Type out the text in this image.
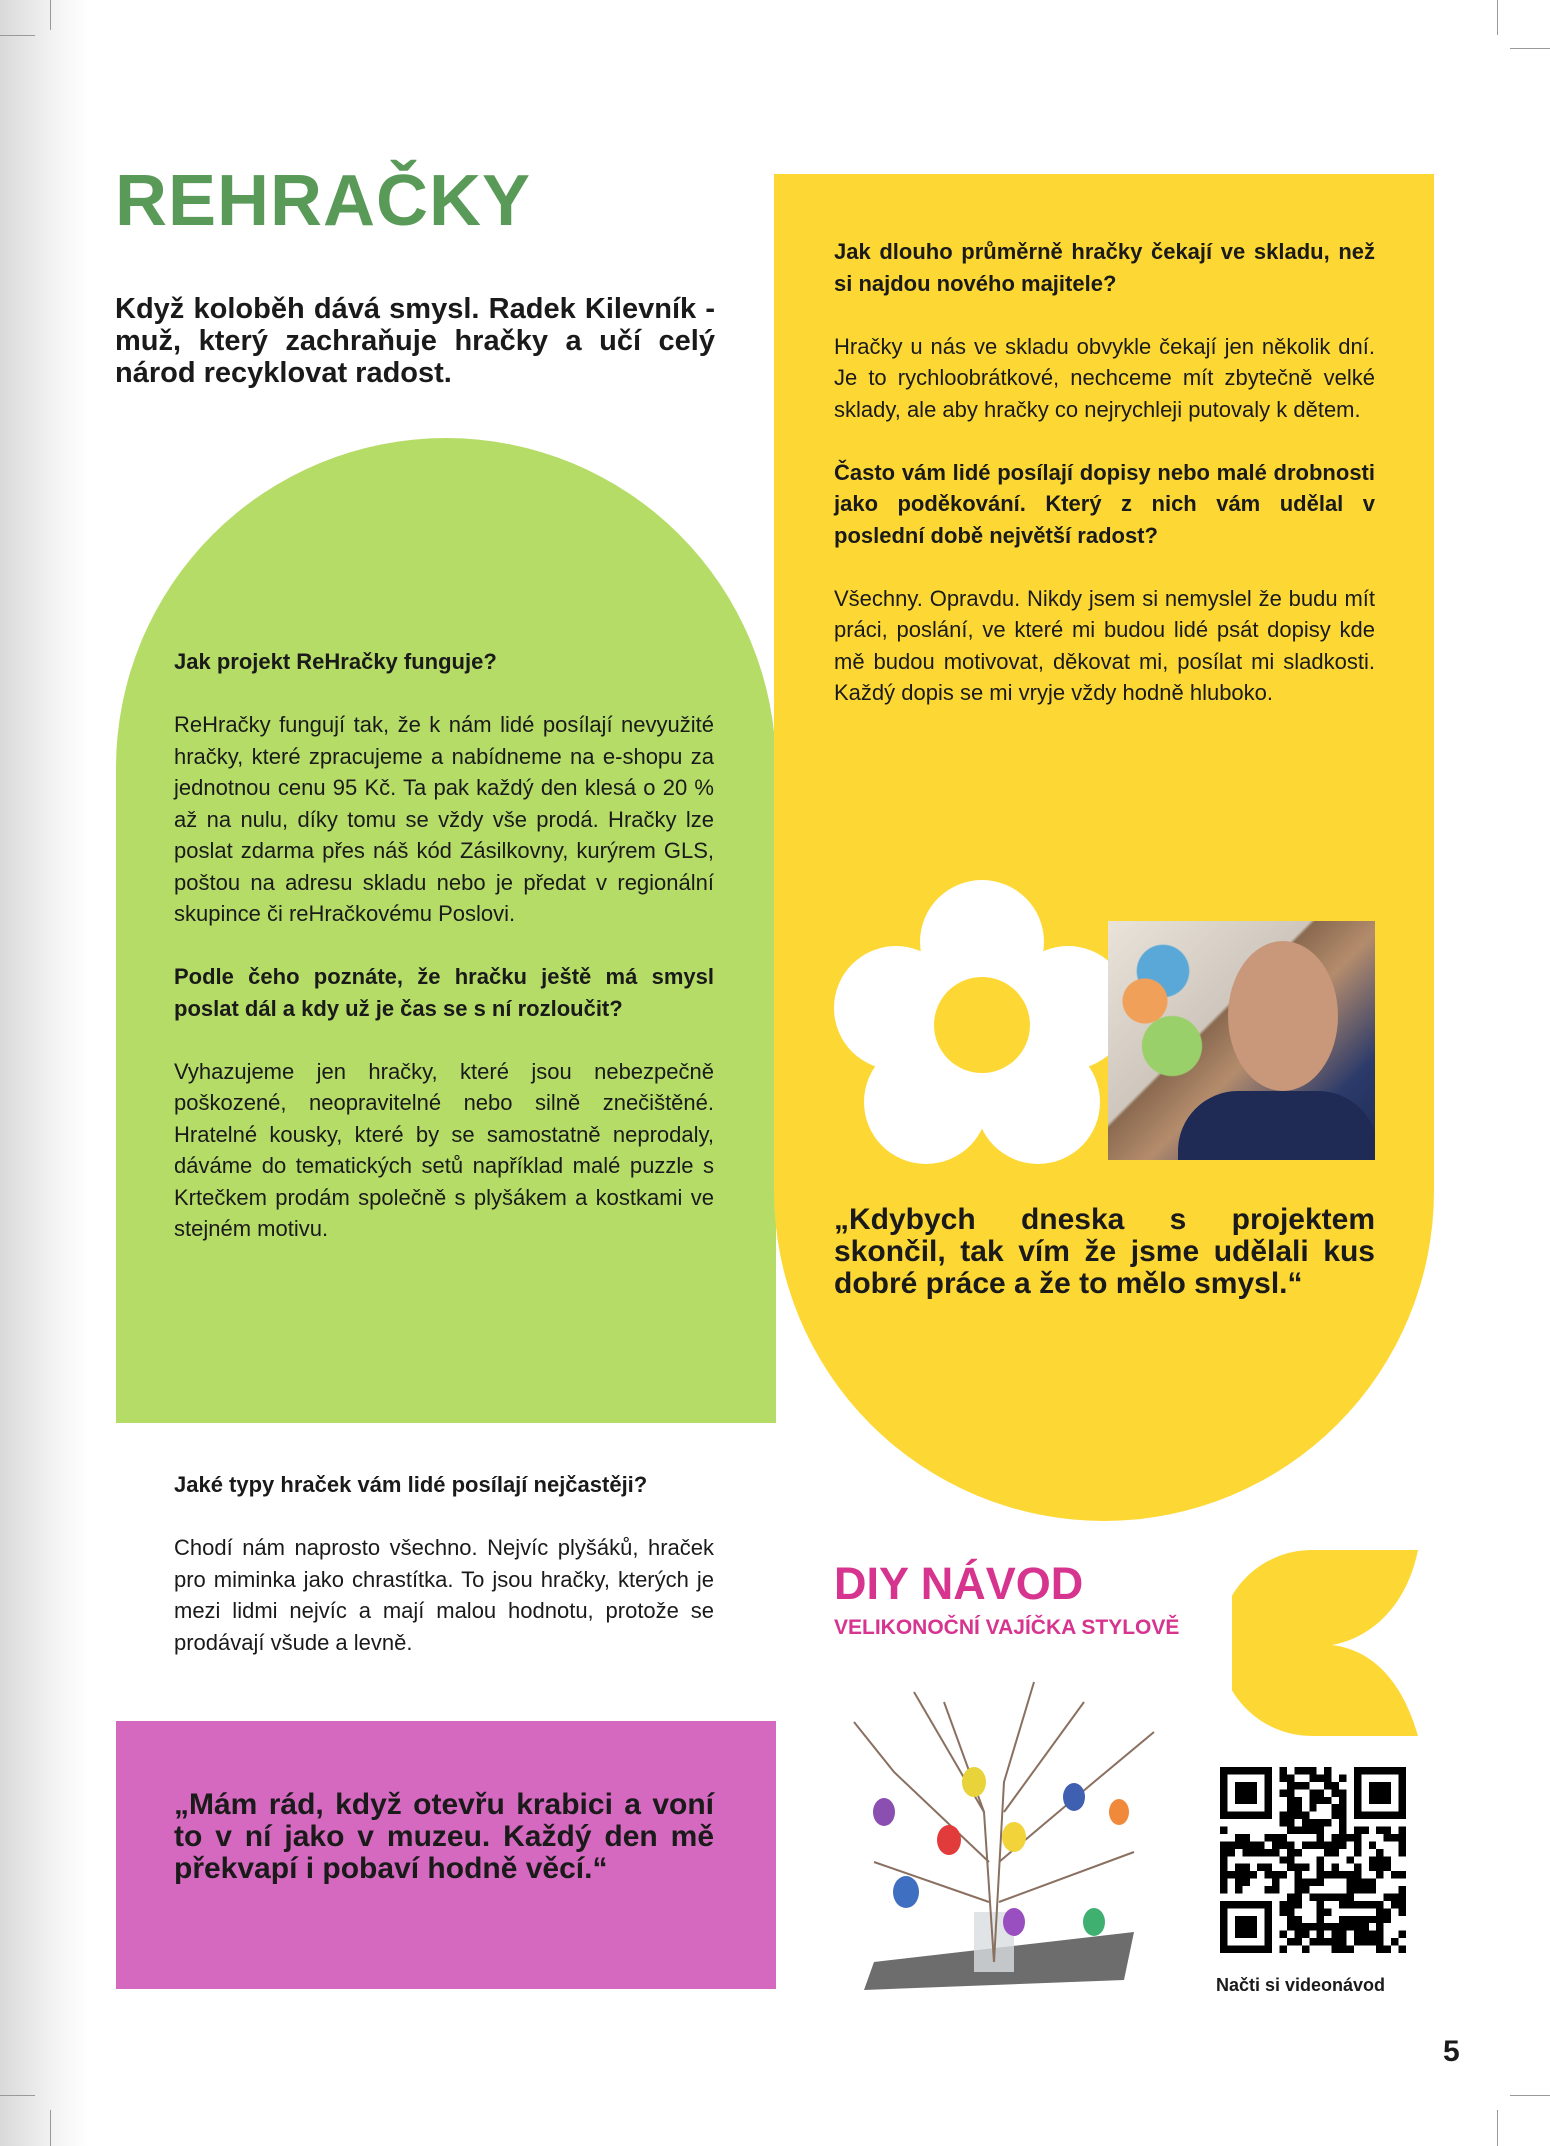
REHRAČKY
Když koloběh dává smysl. Radek Kilevník - muž, který zachraňuje hračky a učí celý národ recyklovat radost.

Jak projekt ReHračky funguje?

ReHračky fungují tak, že k nám lidé posílají nevyužité hračky, které zpracujeme a nabídneme na e-shopu za jednotnou cenu 95 Kč. Ta pak každý den klesá o 20 % až na nulu, díky tomu se vždy vše prodá. Hračky lze poslat zdarma přes náš kód Zásilkovny, kurýrem GLS, poštou na adresu skladu nebo je předat v regionální skupince či reHračkovému Poslovi.

Podle čeho poznáte, že hračku ještě má smysl poslat dál a kdy už je čas se s ní rozloučit?

Vyhazujeme jen hračky, které jsou nebezpečně poškozené, neopravitelné nebo silně znečištěné. Hratelné kousky, které by se samostatně neprodaly, dáváme do tematických setů například malé puzzle s Krtečkem prodám společně s plyšákem a kostkami ve stejném motivu.

Jak dlouho průměrně hračky čekají ve skladu, než si najdou nového majitele?

Hračky u nás ve skladu obvykle čekají jen několik dní. Je to rychloobrátkové, nechceme mít zbytečně velké sklady, ale aby hračky co nejrychleji putovaly k dětem.

Často vám lidé posílají dopisy nebo malé drobnosti jako poděkování. Který z nich vám udělal v poslední době největší radost?

Všechny. Opravdu. Nikdy jsem si nemyslel že budu mít práci, poslání, ve které mi budou lidé psát dopisy kde mě budou motivovat, děkovat mi, posílat mi sladkosti. Každý dopis se mi vryje vždy hodně hluboko.

„Kdybych dneska s projektem skončil, tak vím že jsme udělali kus dobré práce a že to mělo smysl.“

Jaké typy hraček vám lidé posílají nejčastěji?

Chodí nám naprosto všechno. Nejvíc plyšáků, hraček pro miminka jako chrastítka. To jsou hračky, kterých je mezi lidmi nejvíc a mají malou hodnotu, protože se prodávají všude a levně.

„Mám rád, když otevřu krabici a voní to v ní jako v muzeu. Každý den mě překvapí i pobaví hodně věcí.“
DIY NÁVOD
VELIKONOČNÍ VAJÍČKA STYLOVĚ
Načti si videonávod
5
